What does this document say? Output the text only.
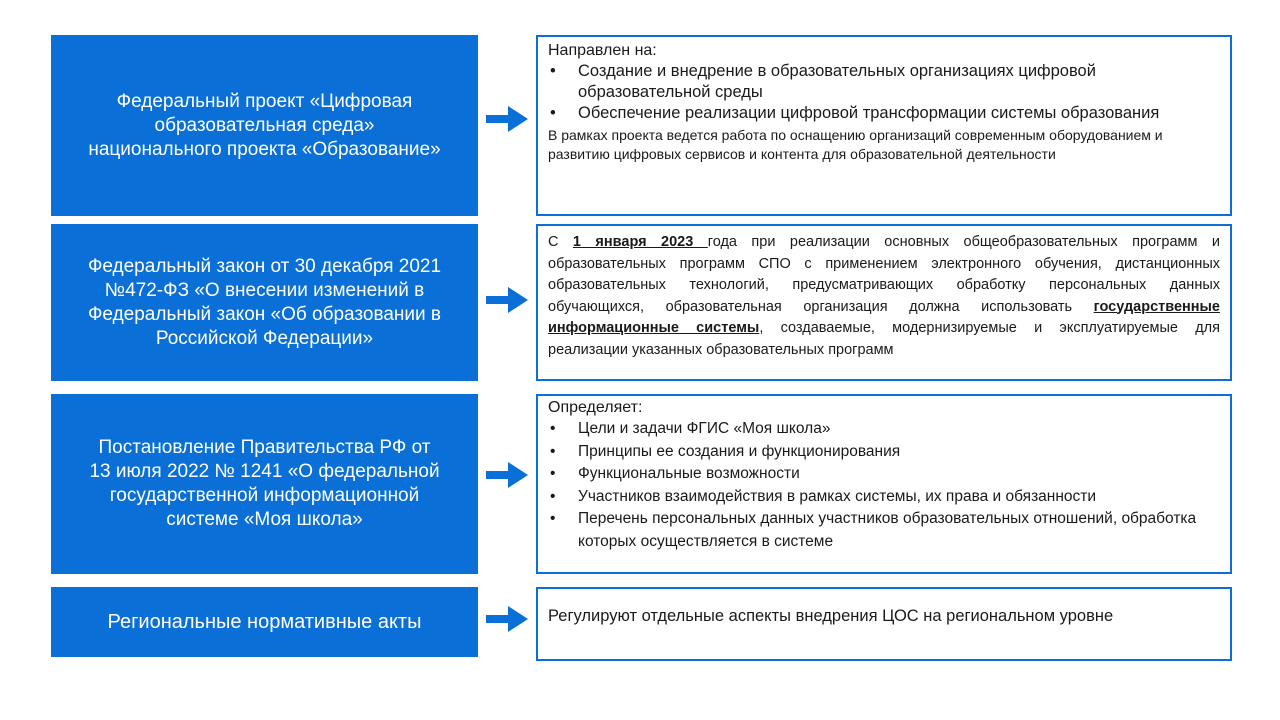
Федеральный проект «Цифровая
образовательная среда»
национального проекта «Образование»
Направлен на:
• Создание и внедрение в образовательных организациях цифровой образовательной среды
• Обеспечение реализации цифровой трансформации системы образования
В рамках проекта ведется работа по оснащению организаций современным оборудованием и развитию цифровых сервисов и контента для образовательной деятельности
Федеральный закон от 30 декабря 2021
№472-ФЗ «О внесении изменений в
Федеральный закон «Об образовании в
Российской Федерации»
С 1 января 2023 года при реализации основных общеобразовательных программ и образовательных программ СПО с применением электронного обучения, дистанционных образовательных технологий, предусматривающих обработку персональных данных обучающихся, образовательная организация должна использовать государственные информационные системы, создаваемые, модернизируемые и эксплуатируемые для реализации указанных образовательных программ
Постановление Правительства РФ от
13 июля 2022 № 1241 «О федеральной
государственной информационной
системе «Моя школа»
Определяет:
• Цели и задачи ФГИС «Моя школа»
• Принципы ее создания и функционирования
• Функциональные возможности
• Участников взаимодействия в рамках системы, их права и обязанности
• Перечень персональных данных участников образовательных отношений, обработка которых осуществляется в системе
Региональные нормативные акты	Регулируют отдельные аспекты внедрения ЦОС на региональном уровне
